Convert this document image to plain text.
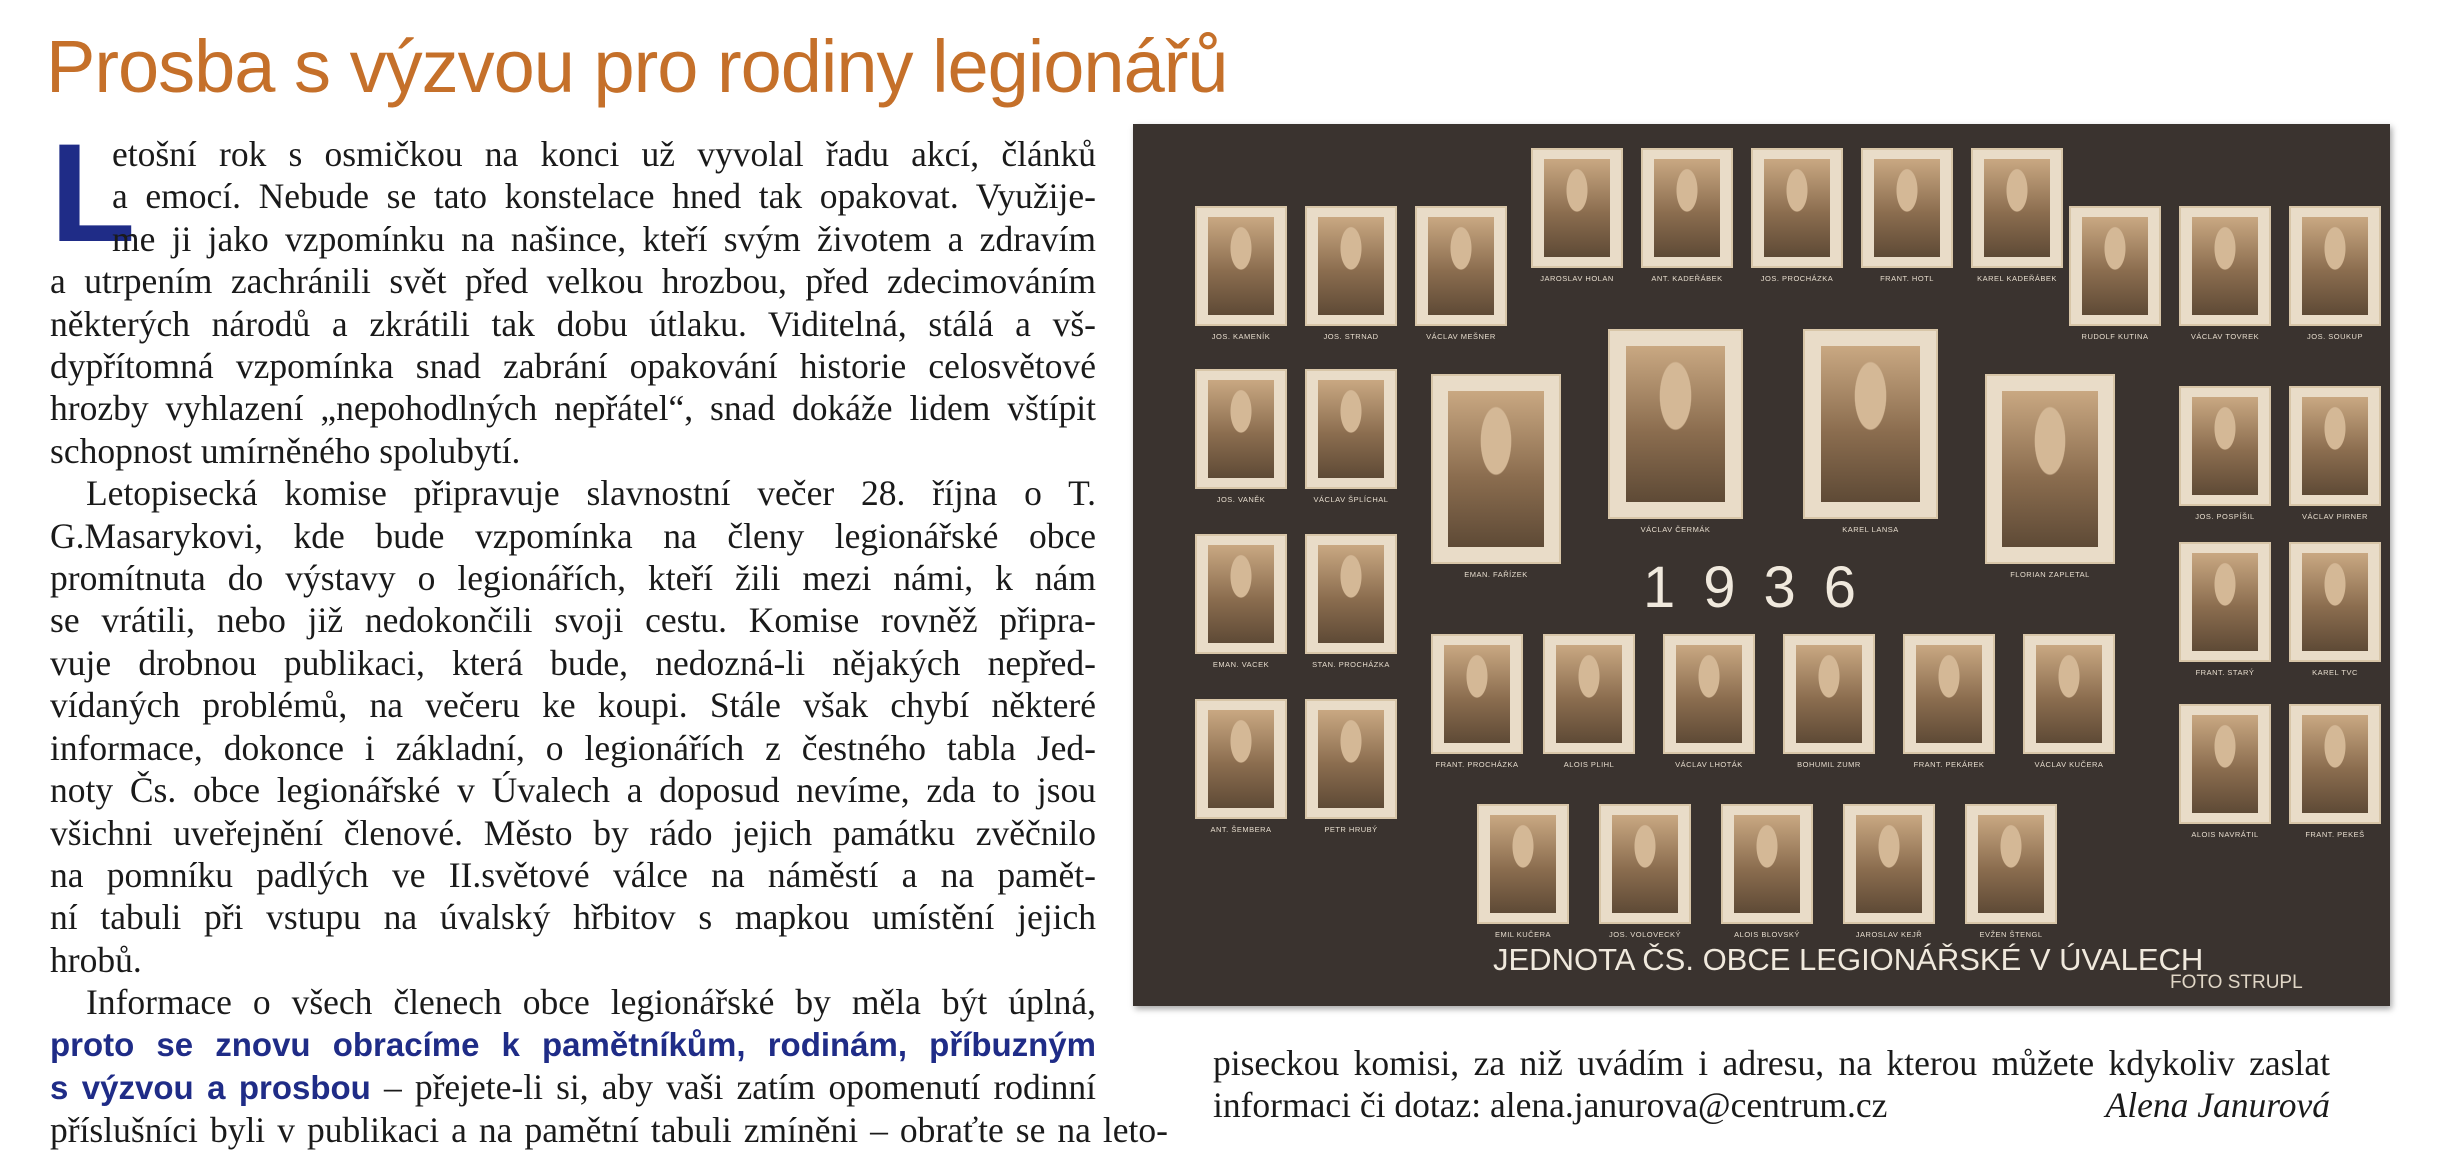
Prosba s výzvou pro rodiny legionářů
L

etošní rok s osmičkou na konci už vyvolal řadu akcí, článků
a emocí. Nebude se tato konstelace hned tak opakovat. Využije-
me ji jako vzpomínku na našince, kteří svým životem a zdravím
a utrpením zachránili svět před velkou hrozbou, před zdecimováním
některých národů a zkrátili tak dobu útlaku. Viditelná, stálá a vš-
dypřítomná vzpomínka snad zabrání opakování historie celosvětové
hrozby vyhlazení „nepohodlných nepřátel“, snad dokáže lidem vštípit
schopnost umírněného spolubytí.

Letopisecká komise připravuje slavnostní večer 28. října o T.
G.Masarykovi, kde bude vzpomínka na členy legionářské obce
promítnuta do výstavy o legionářích, kteří žili mezi námi, k nám
se vrátili, nebo již nedokončili svoji cestu. Komise rovněž připra-
vuje drobnou publikaci, která bude, nedozná-li nějakých nepřed-
vídaných problémů, na večeru ke koupi. Stále však chybí některé
informace, dokonce i základní, o legionářích z čestného tabla Jed-
noty Čs. obce legionářské v Úvalech a doposud nevíme, zda to jsou
všichni uveřejnění členové. Město by rádo jejich památku zvěčnilo
na pomníku padlých ve II.světové válce na náměstí a na pamět-
ní tabuli při vstupu na úvalský hřbitov s mapkou umístění jejich
hrobů.

Informace o všech členech obce legionářské by měla být úplná,
proto se znovu obracíme k pamětníkům, rodinám, příbuzným
s výzvou a prosbou – přejete-li si, aby vaši zatím opomenutí rodinní
příslušníci byli v publikaci a na pamětní tabuli zmíněni – obraťte se na leto-

JOS. KAMENÍK	JOS. STRNAD	VÁCLAV MEŠNER
JAROSLAV HOLAN	ANT. KADEŘÁBEK	JOS. PROCHÁZKA	FRANT. HOTL	KAREL KADEŘÁBEK
RUDOLF KUTINA	VÁCLAV TOVREK	JOS. SOUKUP
JOS. VANĚK	VÁCLAV ŠPLÍCHAL
EMAN. FAŘÍZEK
VÁCLAV ČERMÁK	KAREL LANSA
FLORIAN ZAPLETAL
JOS. POSPÍŠIL	VÁCLAV PIRNER
EMAN. VACEK	STAN. PROCHÁZKA
FRANT. STARÝ	KAREL TVC
FRANT. PROCHÁZKA	ALOIS PLIHL	VÁCLAV LHOTÁK	BOHUMIL ZUMR	FRANT. PEKÁREK	VÁCLAV KUČERA
ANT. ŠEMBERA	PETR HRUBÝ
ALOIS NAVRÁTIL	FRANT. PEKEŠ
EMIL KUČERA	JOS. VOLOVECKÝ	ALOIS BLOVSKÝ	JAROSLAV KEJŘ	EVŽEN ŠTENGL
1936
JEDNOTA ČS. OBCE LEGIONÁŘSKÉ V ÚVALECH
FOTO STRUPL
piseckou komisi, za niž uvádím i adresu, na kterou můžete kdykoliv zaslat
informaci či dotaz: alena.janurova@centrum.cz	Alena Janurová
